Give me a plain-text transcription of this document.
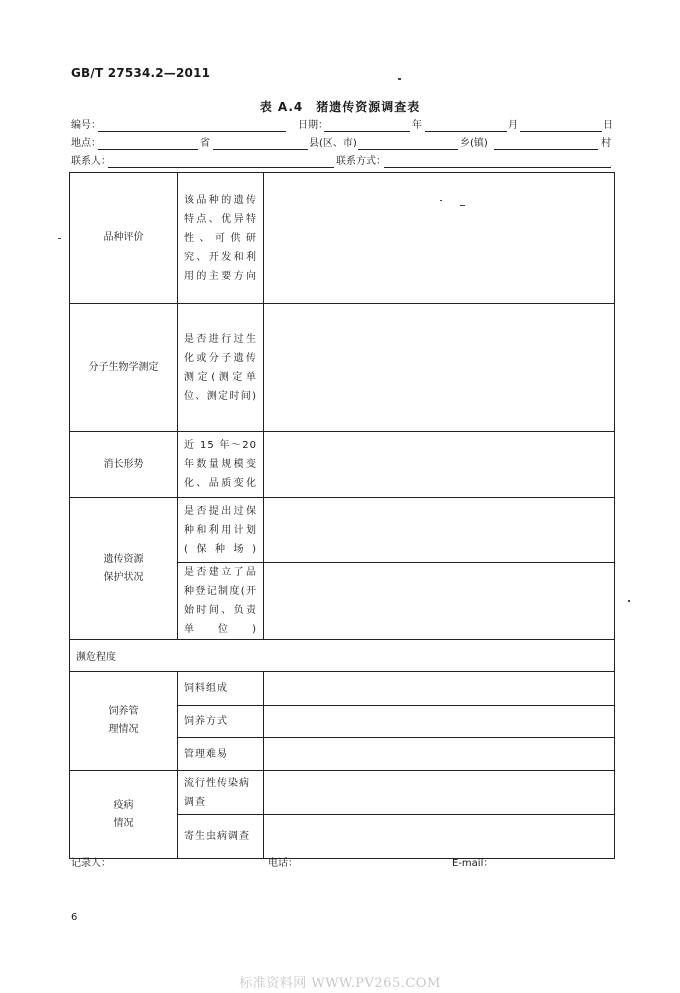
GB/T 27534.2—2011
表 A.4　猪遗传资源调查表
编号：	日期：	年	月	日
地点：	省	县(区、市)	乡(镇)	村
联系人：	联系方式：
品种评价	该品种的遗传特点、优异特性、可供研究、开发和利用的主要方向	
分子生物学测定	是否进行过生化或分子遗传测定(测定单位、测定时间)	
消长形势	近 15 年～20年数量规模变化、品质变化	

遗传资源
保护状况	是否提出过保种和利用计划(保种场)	
	是否建立了品种登记制度(开始时间、负责单位)	
濒危程度		

饲养管
理情况	饲料组成	
	饲养方式	
	管理难易	

疫病
情况	流行性传染病调查	
	寄生虫病调查	
记录人：	电话：	E-mail：
6
标准资料网 WWW.PV265.COM
